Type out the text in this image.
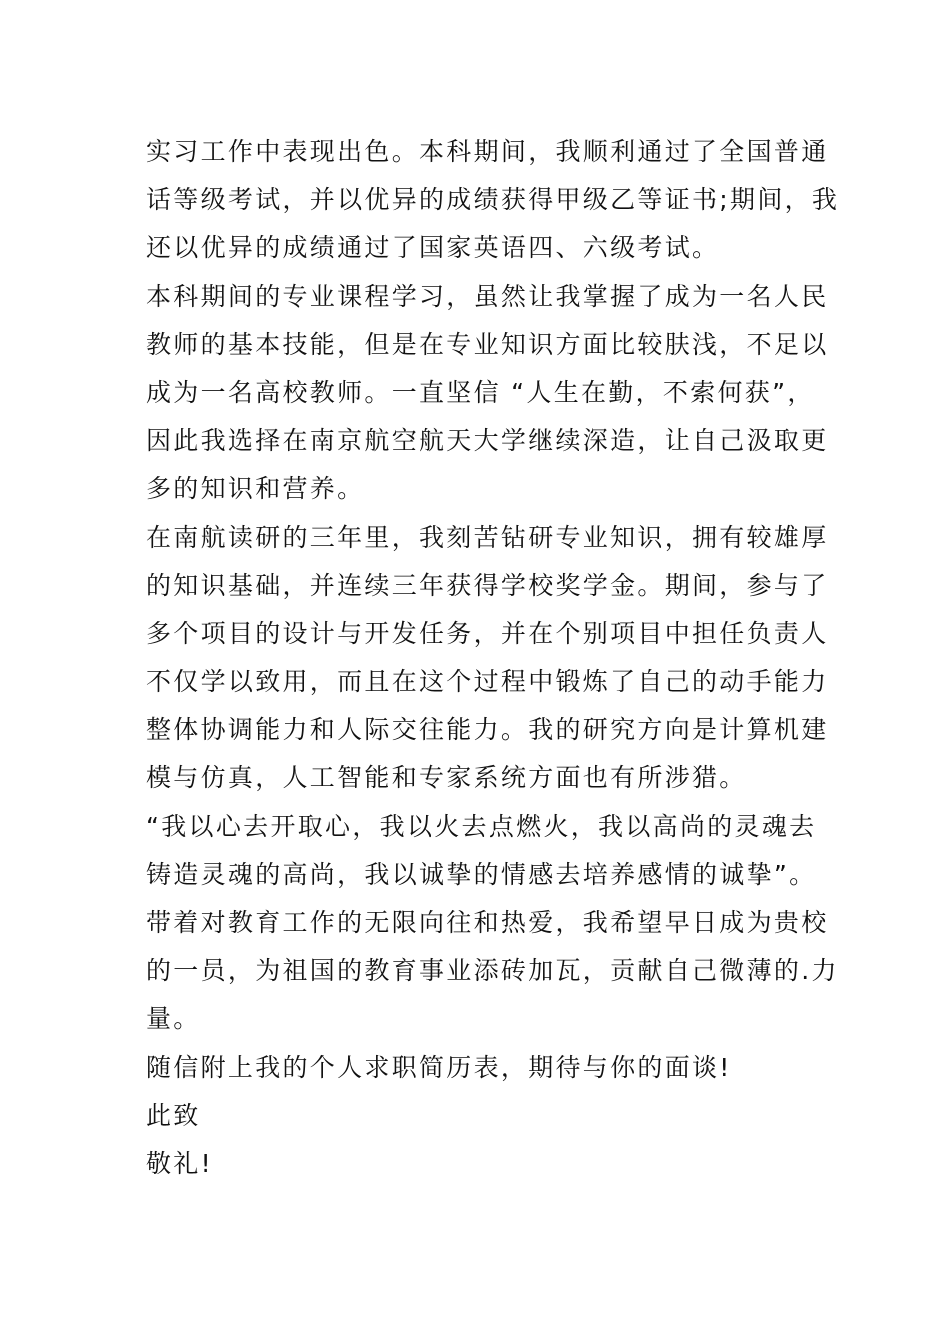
实习工作中表现出色。本科期间，我顺利通过了全国普通
话等级考试，并以优异的成绩获得甲级乙等证书;期间，我
还以优异的成绩通过了国家英语四、六级考试。
本科期间的专业课程学习，虽然让我掌握了成为一名人民
教师的基本技能，但是在专业知识方面比较肤浅，不足以
成为一名高校教师。一直坚信 “人生在勤，不索何获”，
因此我选择在南京航空航天大学继续深造，让自己汲取更
多的知识和营养。
在南航读研的三年里，我刻苦钻研专业知识，拥有较雄厚
的知识基础，并连续三年获得学校奖学金。期间，参与了
多个项目的设计与开发任务，并在个别项目中担任负责人
不仅学以致用，而且在这个过程中锻炼了自己的动手能力
整体协调能力和人际交往能力。我的研究方向是计算机建
模与仿真，人工智能和专家系统方面也有所涉猎。
“我以心去开取心，我以火去点燃火，我以高尚的灵魂去
铸造灵魂的高尚，我以诚挚的情感去培养感情的诚挚”。
带着对教育工作的无限向往和热爱，我希望早日成为贵校
的一员，为祖国的教育事业添砖加瓦，贡献自己微薄的.力
量。
随信附上我的个人求职简历表，期待与你的面谈!
此致
敬礼!
